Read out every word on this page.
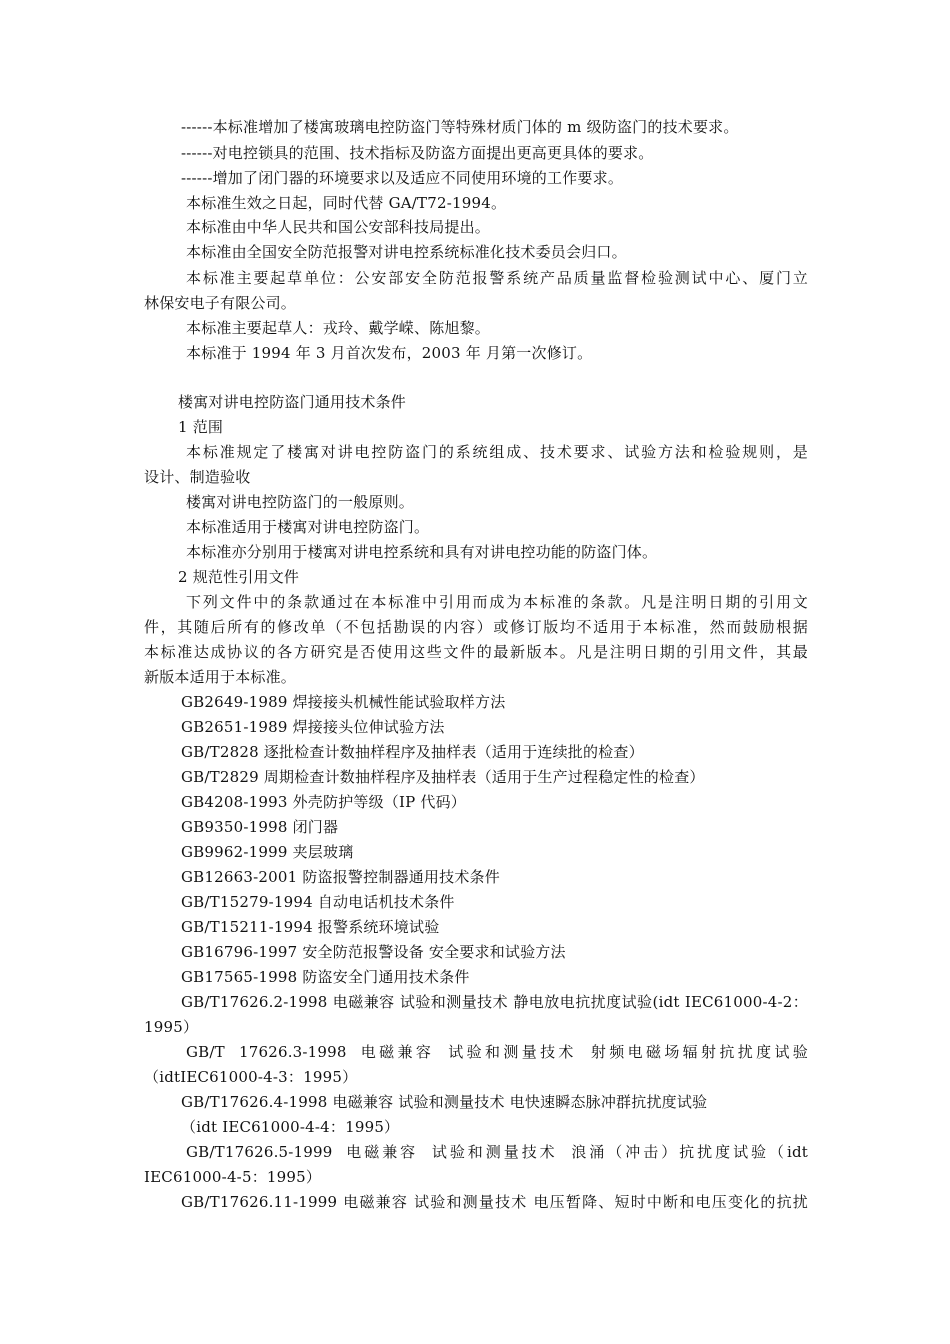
------本标准增加了楼寓玻璃电控防盗门等特殊材质门体的 m 级防盗门的技术要求。
------对电控锁具的范围、技术指标及防盗方面提出更高更具体的要求。
------增加了闭门器的环境要求以及适应不同使用环境的工作要求。
本标准生效之日起，同时代替 GA/T72-1994。
本标准由中华人民共和国公安部科技局提出。
本标准由全国安全防范报警对讲电控系统标准化技术委员会归口。
本标准主要起草单位：公安部安全防范报警系统产品质量监督检验测试中心、厦门立
林保安电子有限公司。
本标准主要起草人：戎玲、戴学嵘、陈旭黎。
本标准于 1994 年 3 月首次发布，2003 年 月第一次修订。
楼寓对讲电控防盗门通用技术条件
1 范围
本标准规定了楼寓对讲电控防盗门的系统组成、技术要求、试验方法和检验规则，是
设计、制造验收
楼寓对讲电控防盗门的一般原则。
本标准适用于楼寓对讲电控防盗门。
本标准亦分别用于楼寓对讲电控系统和具有对讲电控功能的防盗门体。
2 规范性引用文件
下列文件中的条款通过在本标准中引用而成为本标准的条款。凡是注明日期的引用文
件，其随后所有的修改单（不包括勘误的内容）或修订版均不适用于本标准，然而鼓励根据
本标准达成协议的各方研究是否使用这些文件的最新版本。凡是注明日期的引用文件，其最
新版本适用于本标准。
GB2649-1989 焊接接头机械性能试验取样方法
GB2651-1989 焊接接头位伸试验方法
GB/T2828 逐批检查计数抽样程序及抽样表（适用于连续批的检查）
GB/T2829 周期检查计数抽样程序及抽样表（适用于生产过程稳定性的检查）
GB4208-1993 外壳防护等级（IP 代码）
GB9350-1998 闭门器
GB9962-1999 夹层玻璃
GB12663-2001 防盗报警控制器通用技术条件
GB/T15279-1994 自动电话机技术条件
GB/T15211-1994 报警系统环境试验
GB16796-1997 安全防范报警设备 安全要求和试验方法
GB17565-1998 防盗安全门通用技术条件
GB/T17626.2-1998 电磁兼容 试验和测量技术 静电放电抗扰度试验(idt IEC61000-4-2：
1995）
GB/T 17626.3-1998 电磁兼容 试验和测量技术 射频电磁场辐射抗扰度试验
（idtIEC61000-4-3：1995）
GB/T17626.4-1998 电磁兼容 试验和测量技术 电快速瞬态脉冲群抗扰度试验
（idt IEC61000-4-4：1995）
GB/T17626.5-1999 电磁兼容 试验和测量技术 浪涌（冲击）抗扰度试验（idt
IEC61000-4-5：1995）
GB/T17626.11-1999 电磁兼容 试验和测量技术 电压暂降、短时中断和电压变化的抗扰
